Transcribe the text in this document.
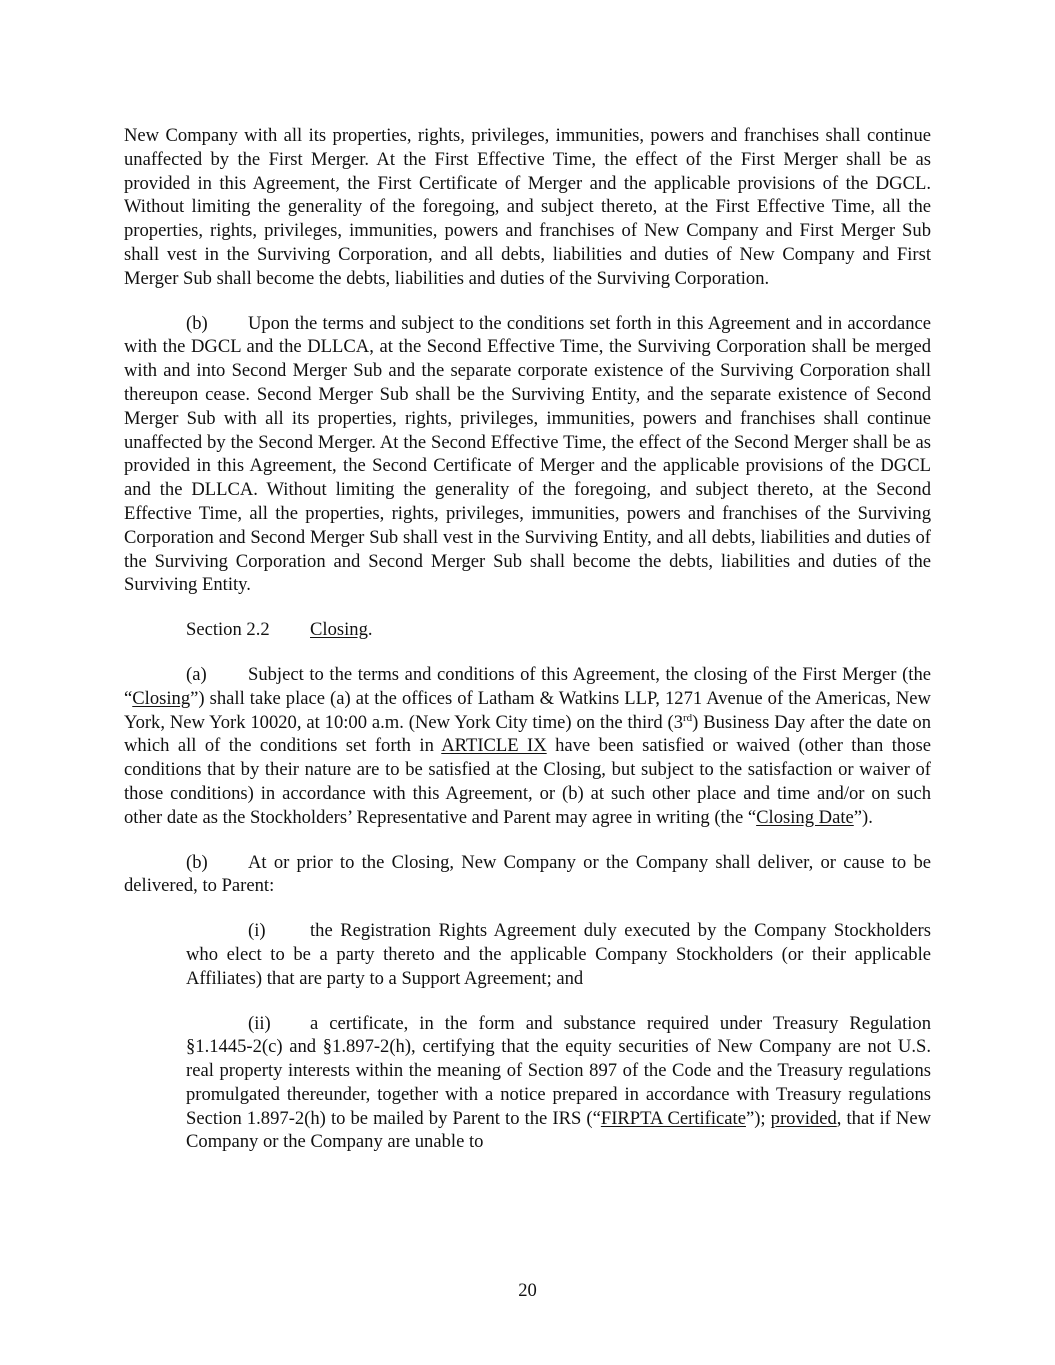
New Company with all its properties, rights, privileges, immunities, powers and franchises shall continue unaffected by the First Merger. At the First Effective Time, the effect of the First Merger shall be as provided in this Agreement, the First Certificate of Merger and the applicable provisions of the DGCL. Without limiting the generality of the foregoing, and subject thereto, at the First Effective Time, all the properties, rights, privileges, immunities, powers and franchises of New Company and First Merger Sub shall vest in the Surviving Corporation, and all debts, liabilities and duties of New Company and First Merger Sub shall become the debts, liabilities and duties of the Surviving Corporation.

(b) Upon the terms and subject to the conditions set forth in this Agreement and in accordance with the DGCL and the DLLCA, at the Second Effective Time, the Surviving Corporation shall be merged with and into Second Merger Sub and the separate corporate existence of the Surviving Corporation shall thereupon cease. Second Merger Sub shall be the Surviving Entity, and the separate existence of Second Merger Sub with all its properties, rights, privileges, immunities, powers and franchises shall continue unaffected by the Second Merger. At the Second Effective Time, the effect of the Second Merger shall be as provided in this Agreement, the Second Certificate of Merger and the applicable provisions of the DGCL and the DLLCA. Without limiting the generality of the foregoing, and subject thereto, at the Second Effective Time, all the properties, rights, privileges, immunities, powers and franchises of the Surviving Corporation and Second Merger Sub shall vest in the Surviving Entity, and all debts, liabilities and duties of the Surviving Corporation and Second Merger Sub shall become the debts, liabilities and duties of the Surviving Entity.

Section 2.2 Closing.

(a) Subject to the terms and conditions of this Agreement, the closing of the First Merger (the “Closing”) shall take place (a) at the offices of Latham & Watkins LLP, 1271 Avenue of the Americas, New York, New York 10020, at 10:00 a.m. (New York City time) on the third (3rd) Business Day after the date on which all of the conditions set forth in ARTICLE IX have been satisfied or waived (other than those conditions that by their nature are to be satisfied at the Closing, but subject to the satisfaction or waiver of those conditions) in accordance with this Agreement, or (b) at such other place and time and/or on such other date as the Stockholders’ Representative and Parent may agree in writing (the “Closing Date”).

(b) At or prior to the Closing, New Company or the Company shall deliver, or cause to be delivered, to Parent:

(i) the Registration Rights Agreement duly executed by the Company Stockholders who elect to be a party thereto and the applicable Company Stockholders (or their applicable Affiliates) that are party to a Support Agreement; and

(ii) a certificate, in the form and substance required under Treasury Regulation §1.1445-2(c) and §1.897-2(h), certifying that the equity securities of New Company are not U.S. real property interests within the meaning of Section 897 of the Code and the Treasury regulations promulgated thereunder, together with a notice prepared in accordance with Treasury regulations Section 1.897-2(h) to be mailed by Parent to the IRS (“FIRPTA Certificate”); provided, that if New Company or the Company are unable to

20
